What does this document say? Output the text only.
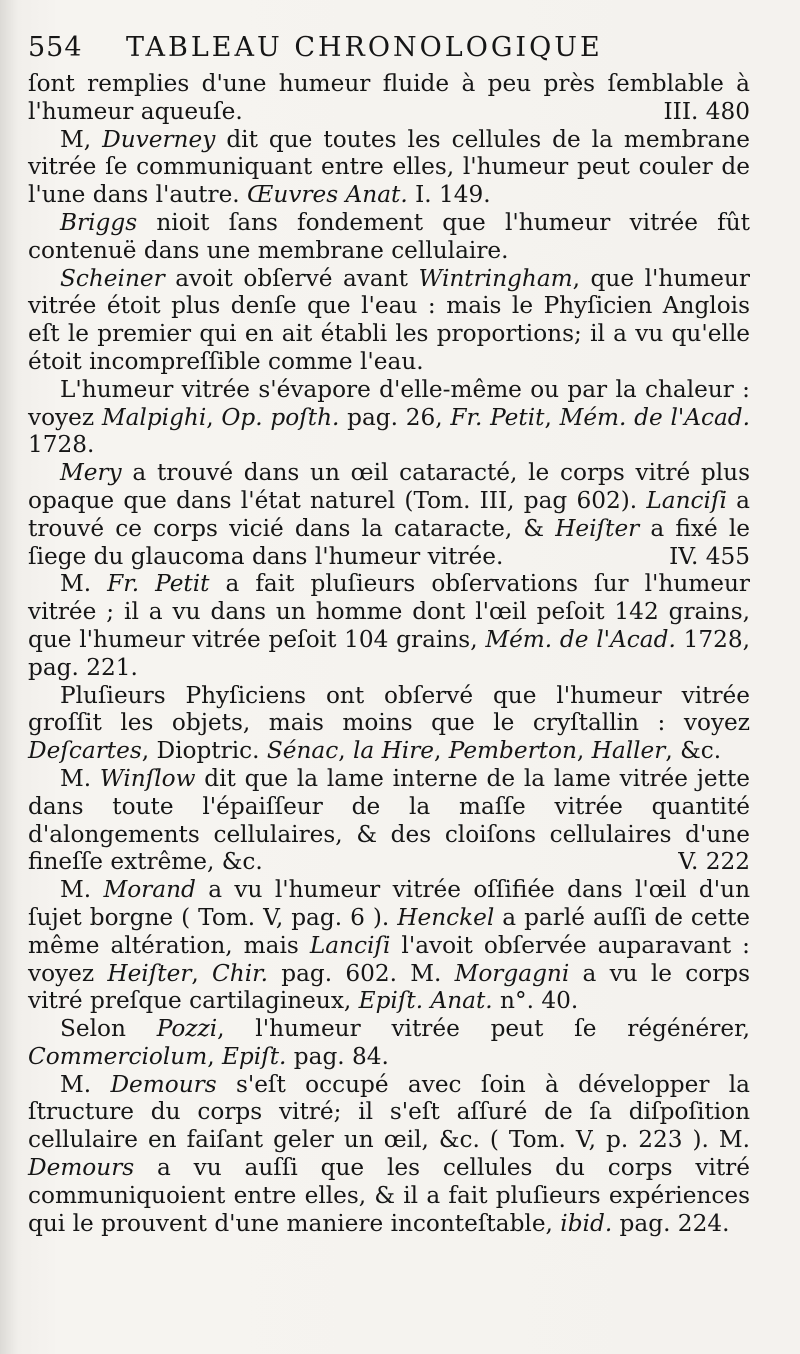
554 TABLEAU CHRONOLOGIQUE

ſont remplies d'une humeur fluide à peu près ſemblable à l'humeur aqueuſe.	III. 480

M, Duverney dit que toutes les cellules de la membrane vitrée ſe communiquant entre elles, l'humeur peut couler de l'une dans l'autre. Œuvres Anat. I. 149.

Briggs nioit ſans fondement que l'humeur vitrée fût contenuë dans une membrane cellulaire.

Scheiner avoit obſervé avant Wintringham, que l'humeur vitrée étoit plus denſe que l'eau : mais le Phyſicien Anglois eſt le premier qui en ait établi les proportions; il a vu qu'elle étoit incompreſſible comme l'eau.

L'humeur vitrée s'évapore d'elle-même ou par la chaleur : voyez Malpighi, Op. poſth. pag. 26, Fr. Petit, Mém. de l'Acad. 1728.

Mery a trouvé dans un œil cataracté, le corps vitré plus opaque que dans l'état naturel (Tom. III, pag 602). Lanciſi a trouvé ce corps vicié dans la cataracte, & Heiſter a fixé le ſiege du glaucoma dans l'humeur vitrée.	IV. 455

M. Fr. Petit a fait pluſieurs obſervations ſur l'humeur vitrée ; il a vu dans un homme dont l'œil peſoit 142 grains, que l'humeur vitrée peſoit 104 grains, Mém. de l'Acad. 1728, pag. 221.

Pluſieurs Phyſiciens ont obſervé que l'humeur vitrée groſſit les objets, mais moins que le cryſtallin : voyez Deſcartes, Dioptric. Sénac, la Hire, Pemberton, Haller, &c.

M. Winſlow dit que la lame interne de la lame vitrée jette dans toute l'épaiſſeur de la maſſe vitrée quantité d'alongements cellulaires, & des cloiſons cellulaires d'une fineſſe extrême, &c.	V. 222

M. Morand a vu l'humeur vitrée oſſifiée dans l'œil d'un ſujet borgne ( Tom. V, pag. 6 ). Henckel a parlé auſſi de cette même altération, mais Lanciſi l'avoit obſervée auparavant : voyez Heiſter, Chir. pag. 602. M. Morgagni a vu le corps vitré preſque cartilagineux, Epiſt. Anat. n°. 40.

Selon Pozzi, l'humeur vitrée peut ſe régénérer, Commerciolum, Epiſt. pag. 84.

M. Demours s'eſt occupé avec ſoin à développer la ſtructure du corps vitré; il s'eſt aſſuré de ſa diſpoſition cellulaire en faiſant geler un œil, &c. ( Tom. V, p. 223 ). M. Demours a vu auſſi que les cellules du corps vitré communiquoient entre elles, & il a fait pluſieurs expériences qui le prouvent d'une maniere inconteſtable, ibid. pag. 224.
